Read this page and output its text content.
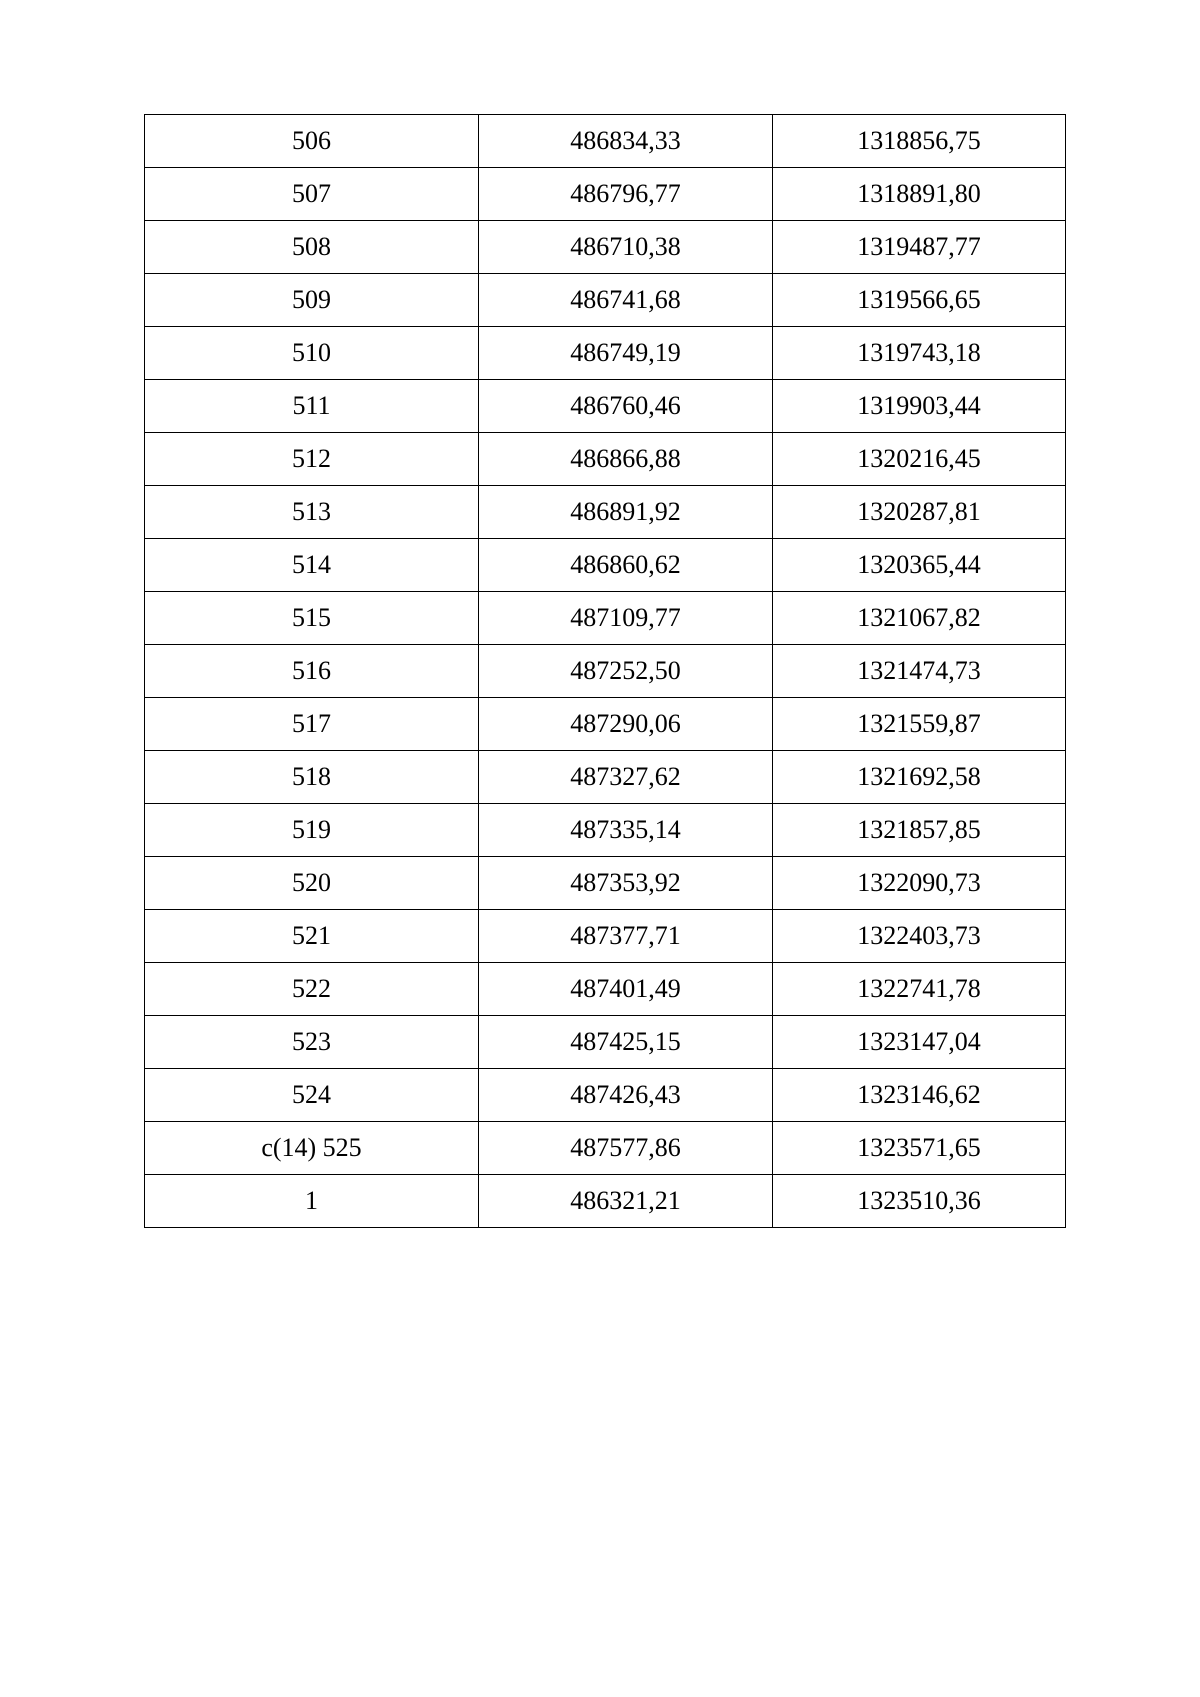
506	486834,33	1318856,75
507	486796,77	1318891,80
508	486710,38	1319487,77
509	486741,68	1319566,65
510	486749,19	1319743,18
511	486760,46	1319903,44
512	486866,88	1320216,45
513	486891,92	1320287,81
514	486860,62	1320365,44
515	487109,77	1321067,82
516	487252,50	1321474,73
517	487290,06	1321559,87
518	487327,62	1321692,58
519	487335,14	1321857,85
520	487353,92	1322090,73
521	487377,71	1322403,73
522	487401,49	1322741,78
523	487425,15	1323147,04
524	487426,43	1323146,62
c(14) 525	487577,86	1323571,65
1	486321,21	1323510,36
